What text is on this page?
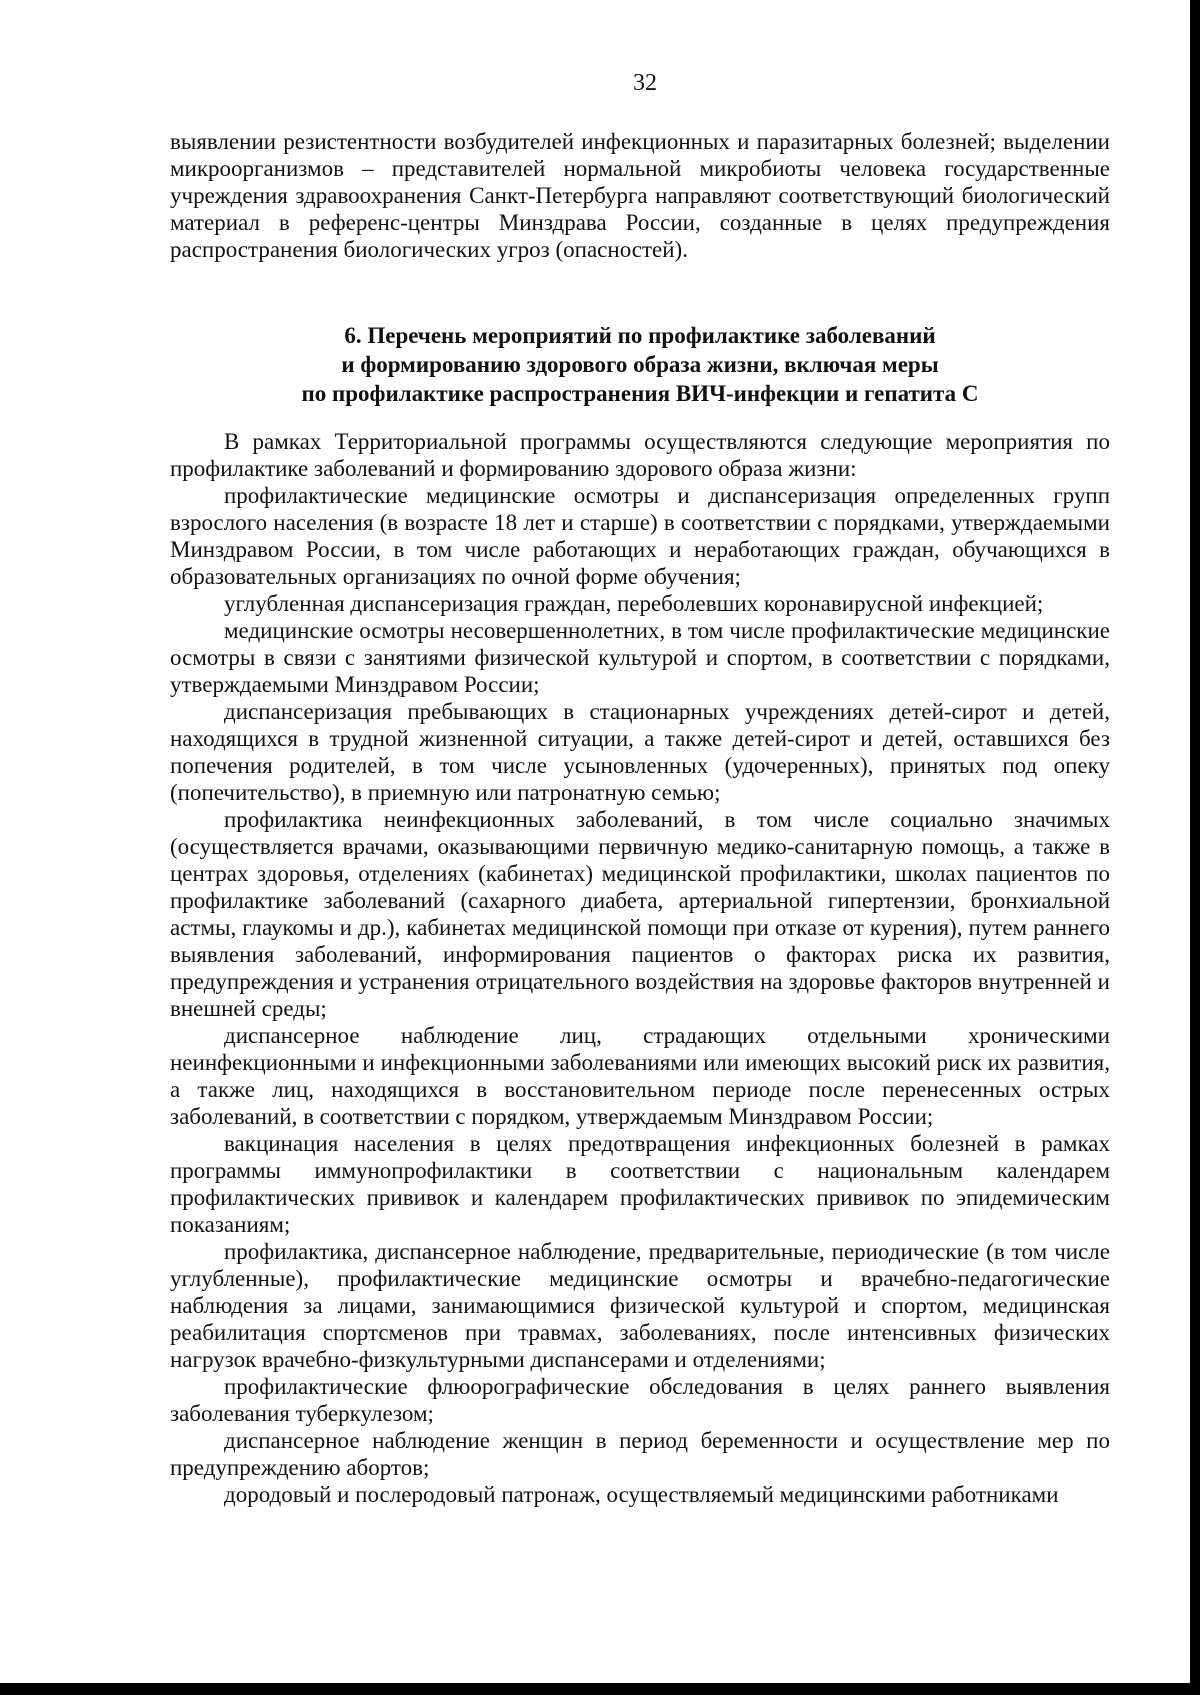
32

выявлении резистентности возбудителей инфекционных и паразитарных болезней; выделении микроорганизмов – представителей нормальной микробиоты человека государственные учреждения здравоохранения Санкт-Петербурга направляют соответствующий биологический материал в референс-центры Минздрава России, созданные в целях предупреждения распространения биологических угроз (опасностей).

6. Перечень мероприятий по профилактике заболеваний
и формированию здорового образа жизни, включая меры
по профилактике распространения ВИЧ-инфекции и гепатита С

В рамках Территориальной программы осуществляются следующие мероприятия по профилактике заболеваний и формированию здорового образа жизни:

профилактические медицинские осмотры и диспансеризация определенных групп взрослого населения (в возрасте 18 лет и старше) в соответствии с порядками, утверждаемыми Минздравом России, в том числе работающих и неработающих граждан, обучающихся в образовательных организациях по очной форме обучения;

углубленная диспансеризация граждан, переболевших коронавирусной инфекцией;

медицинские осмотры несовершеннолетних, в том числе профилактические медицинские осмотры в связи с занятиями физической культурой и спортом, в соответствии с порядками, утверждаемыми Минздравом России;

диспансеризация пребывающих в стационарных учреждениях детей-сирот и детей, находящихся в трудной жизненной ситуации, а также детей-сирот и детей, оставшихся без попечения родителей, в том числе усыновленных (удочеренных), принятых под опеку (попечительство), в приемную или патронатную семью;

профилактика неинфекционных заболеваний, в том числе социально значимых (осуществляется врачами, оказывающими первичную медико-санитарную помощь, а также в центрах здоровья, отделениях (кабинетах) медицинской профилактики, школах пациентов по профилактике заболеваний (сахарного диабета, артериальной гипертензии, бронхиальной астмы, глаукомы и др.), кабинетах медицинской помощи при отказе от курения), путем раннего выявления заболеваний, информирования пациентов о факторах риска их развития, предупреждения и устранения отрицательного воздействия на здоровье факторов внутренней и внешней среды;

диспансерное наблюдение лиц, страдающих отдельными хроническими неинфекционными и инфекционными заболеваниями или имеющих высокий риск их развития, а также лиц, находящихся в восстановительном периоде после перенесенных острых заболеваний, в соответствии с порядком, утверждаемым Минздравом России;

вакцинация населения в целях предотвращения инфекционных болезней в рамках программы иммунопрофилактики в соответствии с национальным календарем профилактических прививок и календарем профилактических прививок по эпидемическим показаниям;

профилактика, диспансерное наблюдение, предварительные, периодические (в том числе углубленные), профилактические медицинские осмотры и врачебно-педагогические наблюдения за лицами, занимающимися физической культурой и спортом, медицинская реабилитация спортсменов при травмах, заболеваниях, после интенсивных физических нагрузок врачебно-физкультурными диспансерами и отделениями;

профилактические флюорографические обследования в целях раннего выявления заболевания туберкулезом;

диспансерное наблюдение женщин в период беременности и осуществление мер по предупреждению абортов;

дородовый и послеродовый патронаж, осуществляемый медицинскими работниками
